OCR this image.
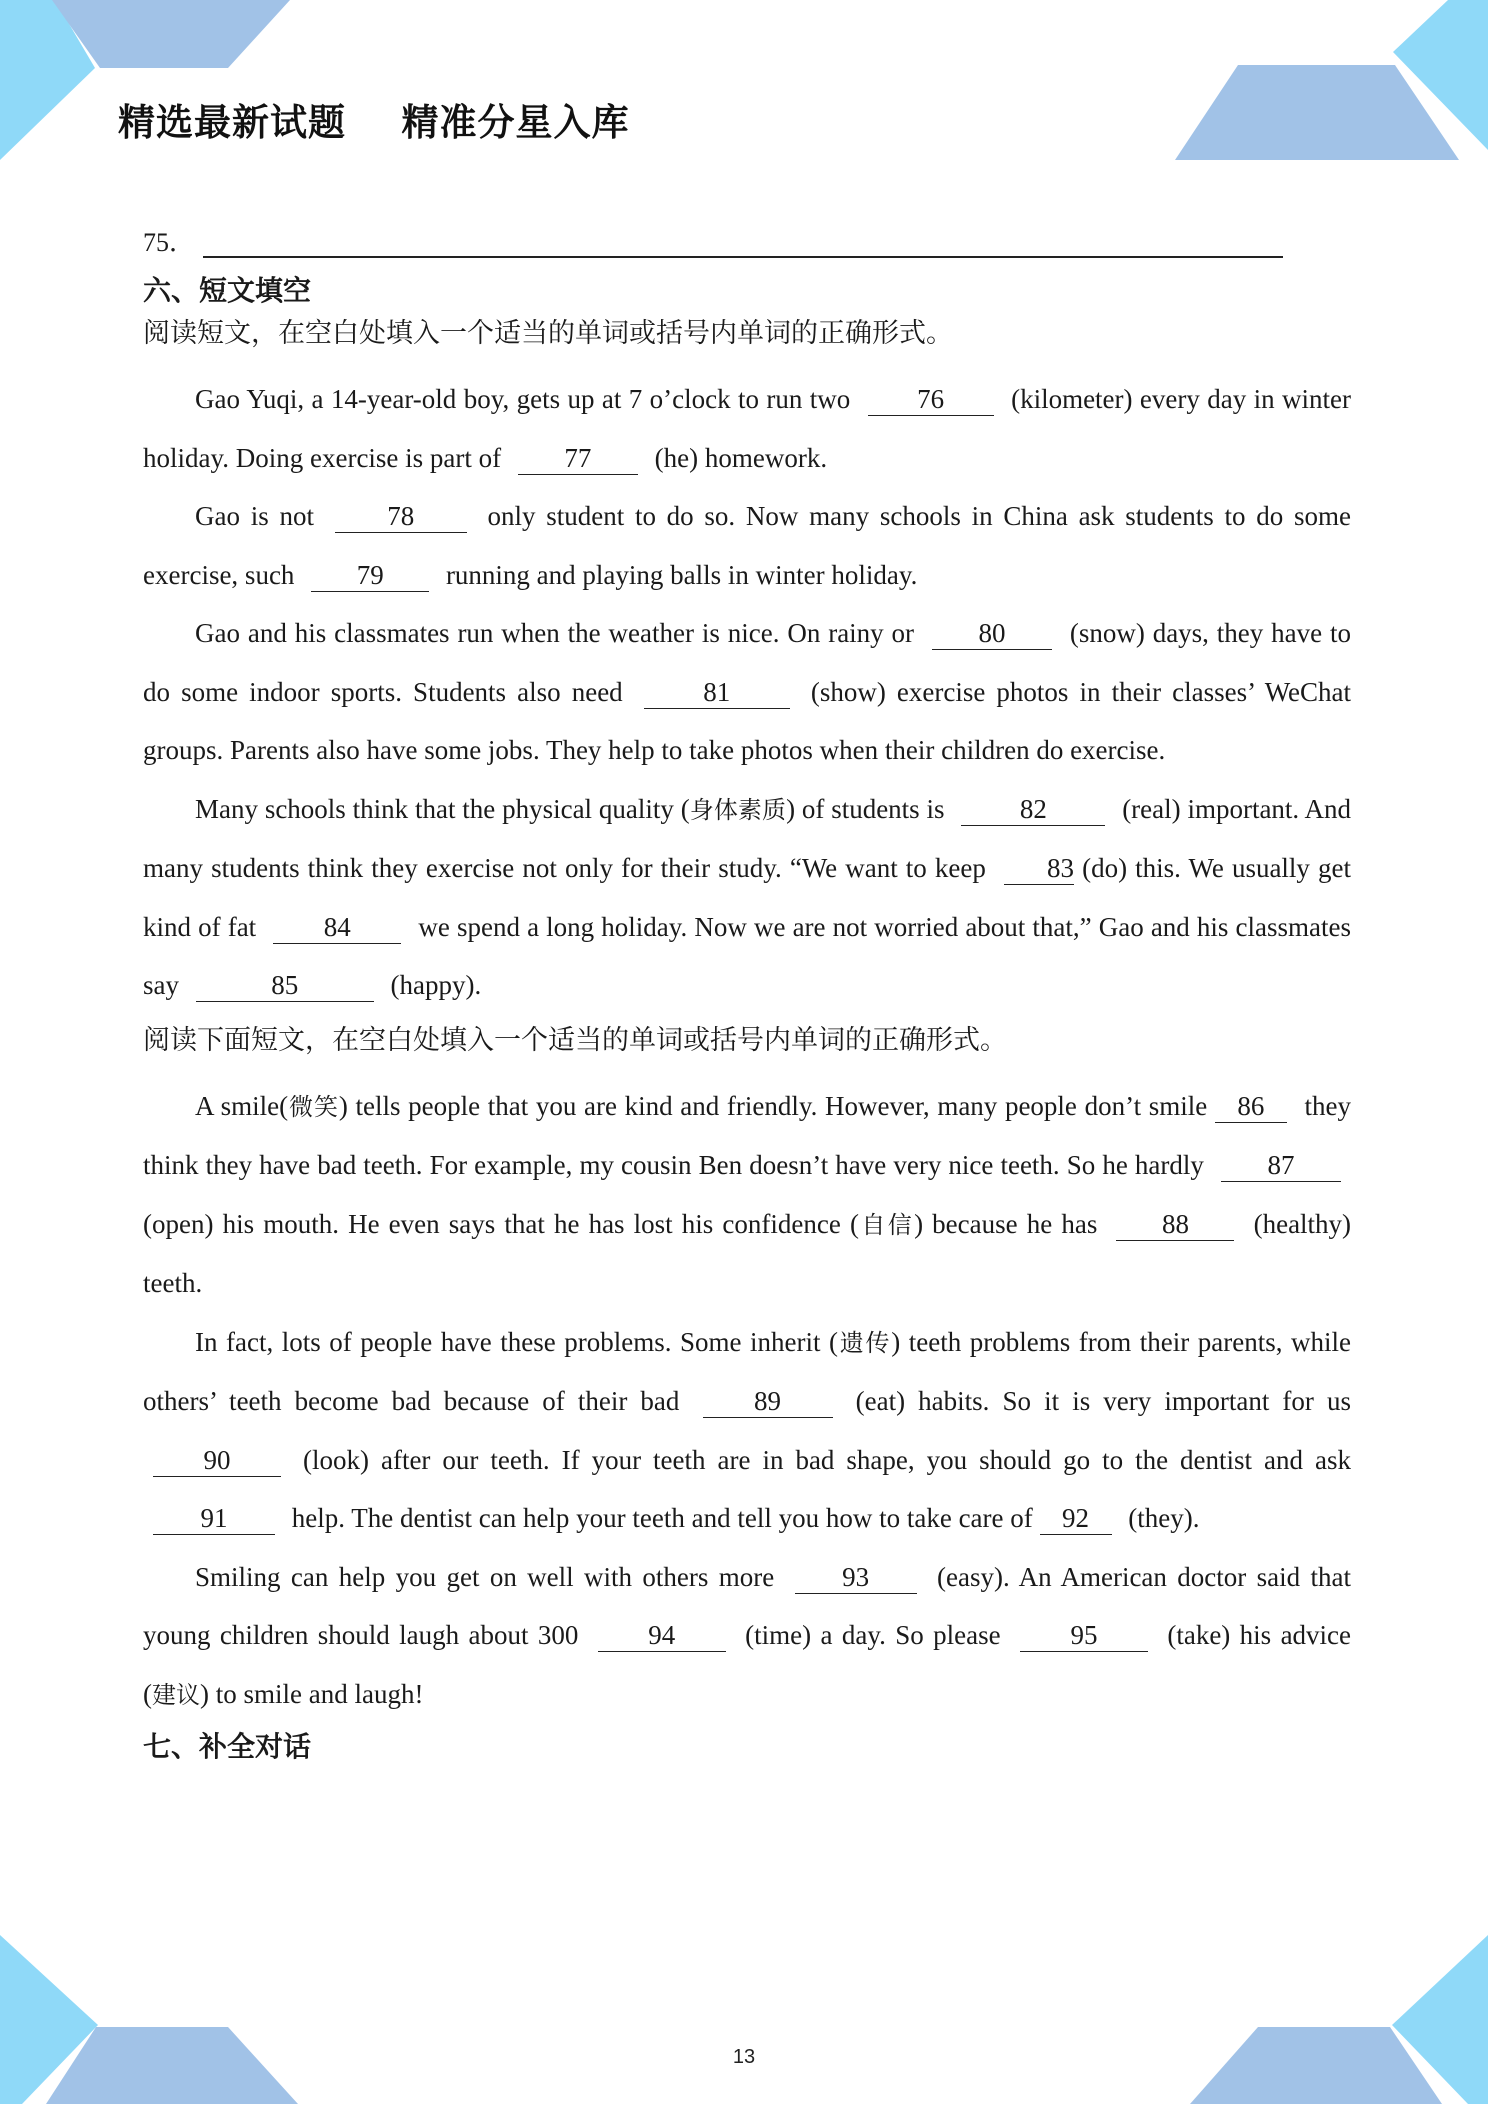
精选最新试题    精准分星入库
75．
六、短文填空
阅读短文，在空白处填入一个适当的单词或括号内单词的正确形式。

Gao Yuqi, a 14-year-old boy, gets up at 7 o’clock to run two 76 (kilometer) every day in winter holiday. Doing exercise is part of 77 (he) homework.

Gao is not	78	only student to do so. Now many schools in China ask students to do some exercise, such 79 running and playing balls in winter holiday.

Gao and his classmates run when the weather is nice. On rainy or 80 (snow) days, they have to do some indoor sports. Students also need	81	(show) exercise photos in their classes’ WeChat groups. Parents also have some jobs. They help to take photos when their children do exercise.

Many schools think that the physical quality (身体素质) of students is	82	(real) important. And many students think they exercise not only for their study. “We want to keep 83 (do) this. We usually get kind of fat	84	we spend a long holiday. Now we are not worried about that,” Gao and his classmates say	85	(happy).

阅读下面短文，在空白处填入一个适当的单词或括号内单词的正确形式。

A smile(微笑) tells people that you are kind and friendly. However, many people don’t smile 86 they think they have bad teeth. For example, my cousin Ben doesn’t have very nice teeth. So he hardly 87 (open) his mouth. He even says that he has lost his confidence (自信) because he has 88 (healthy) teeth.

In fact, lots of people have these problems. Some inherit (遗传) teeth problems from their parents, while others’ teeth become bad because of their bad	89	(eat) habits. So it is very important for us 90	(look) after our teeth. If your teeth are in bad shape, you should go to the dentist and ask 91 help. The dentist can help your teeth and tell you how to take care of 92 (they).

Smiling can help you get on well with others more	93	(easy). An American doctor said that young children should laugh about 300	94	(time) a day. So please	95	(take) his advice (建议) to smile and laugh!

七、补全对话
13
